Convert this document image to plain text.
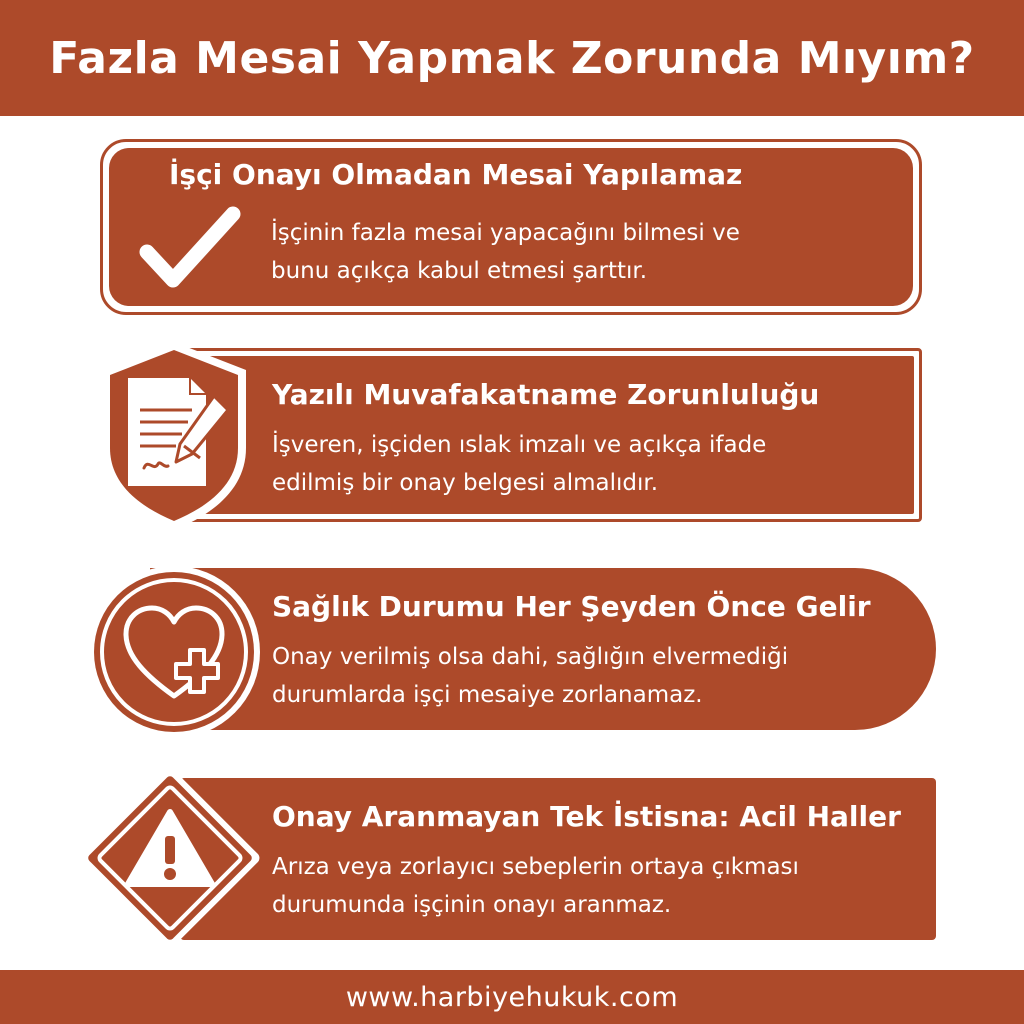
Fazla Mesai Yapmak Zorunda Mıyım?
İşçi Onayı Olmadan Mesai Yapılamaz
İşçinin fazla mesai yapacağını bilmesi ve
bunu açıkça kabul etmesi şarttır.
Yazılı Muvafakatname Zorunluluğu
İşveren, işçiden ıslak imzalı ve açıkça ifade
edilmiş bir onay belgesi almalıdır.
Sağlık Durumu Her Şeyden Önce Gelir
Onay verilmiş olsa dahi, sağlığın elvermediği
durumlarda işçi mesaiye zorlanamaz.
Onay Aranmayan Tek İstisna: Acil Haller
Arıza veya zorlayıcı sebeplerin ortaya çıkması
durumunda işçinin onayı aranmaz.
www.harbiyehukuk.com
